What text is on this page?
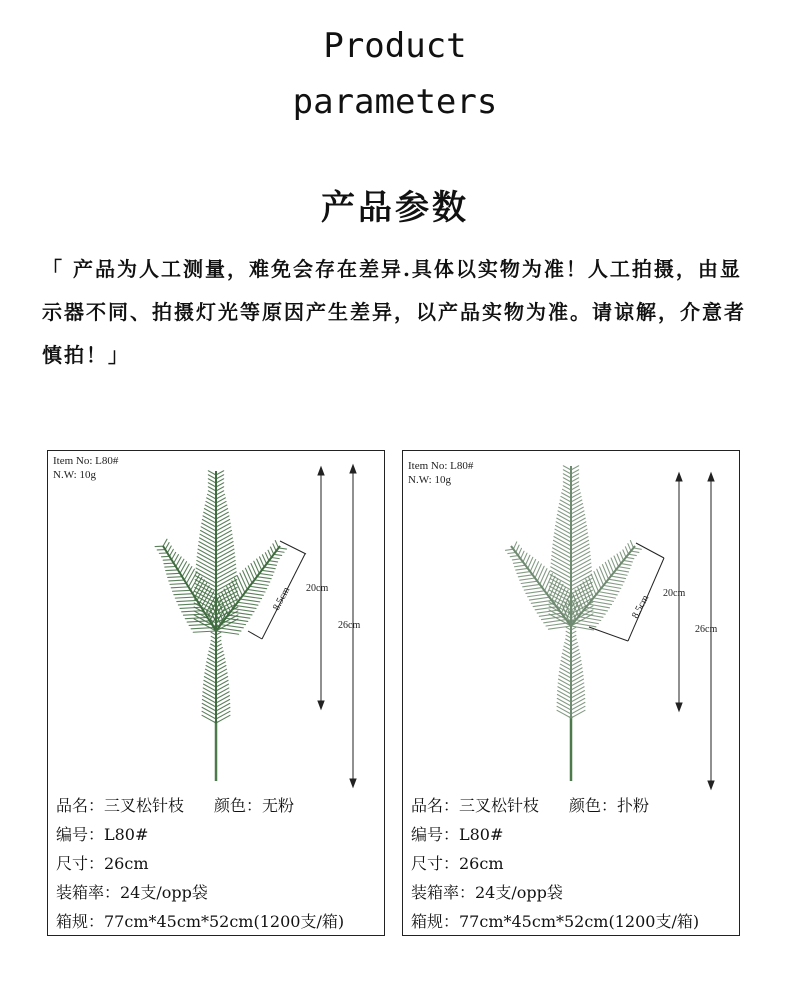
Product
parameters
产品参数
「 产品为人工测量，难免会存在差异.具体以实物为准！人工拍摄，由显示器不同、拍摄灯光等原因产生差异，以产品实物为准。请谅解，介意者慎拍！」
8.5cm 20cm
26cm
Item No: L80#
N.W: 10g
品名：三叉松针枝 颜色：无粉
编号：L80#
尺寸：26cm
装箱率：24支/opp袋
箱规：77cm*45cm*52cm(1200支/箱)
8.5cm 20cm
26cm
Item No: L80#
N.W: 10g
品名：三叉松针枝 颜色：扑粉
编号：L80#
尺寸：26cm
装箱率：24支/opp袋
箱规：77cm*45cm*52cm(1200支/箱)
